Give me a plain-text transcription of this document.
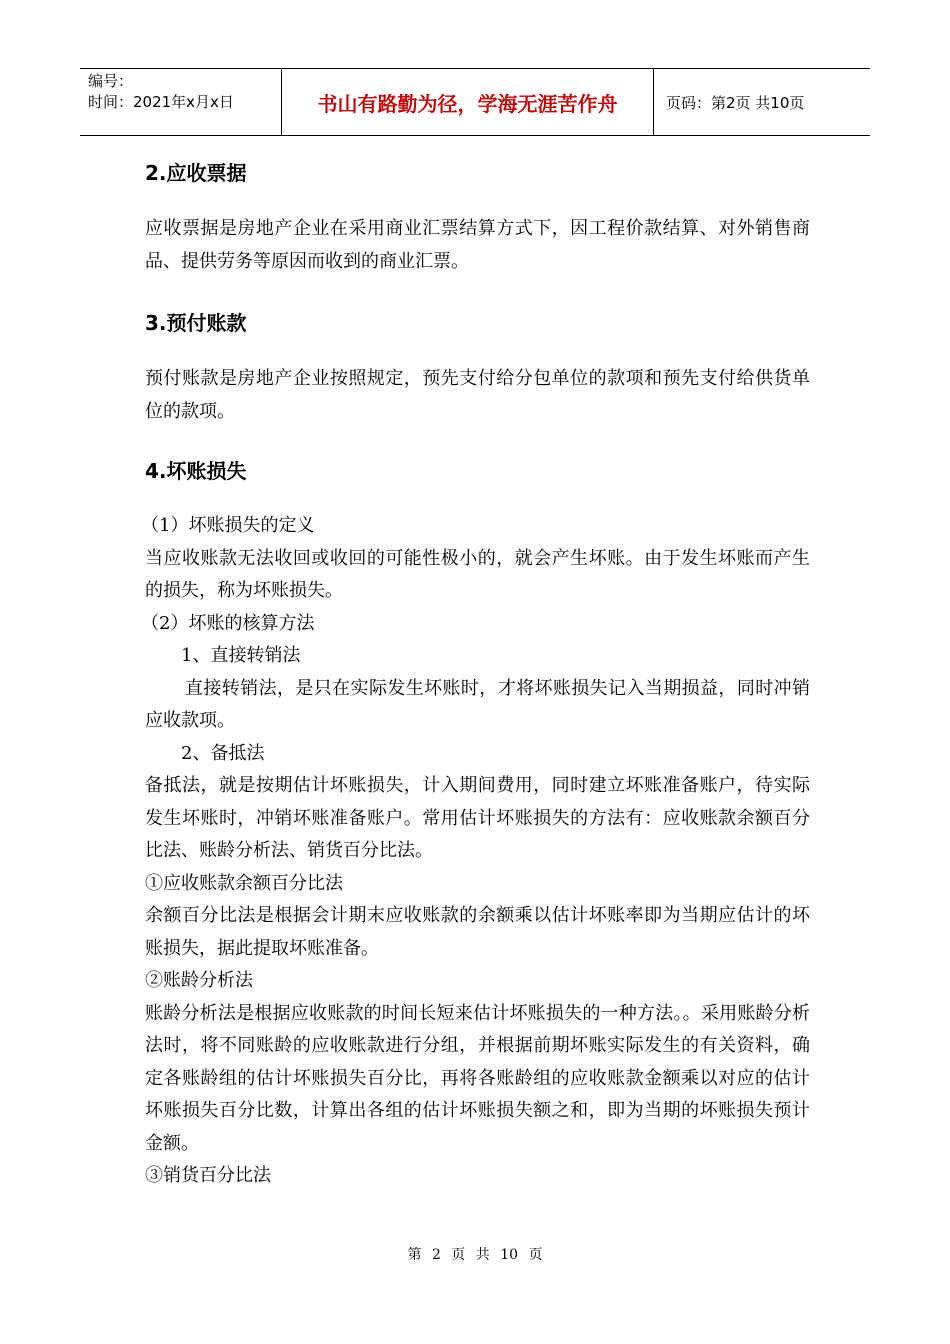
编号：
时间：2021年x月x日	书山有路勤为径，学海无涯苦作舟	页码：第2页 共10页
2.应收票据

应收票据是房地产企业在采用商业汇票结算方式下，因工程价款结算、对外销售商品、提供劳务等原因而收到的商业汇票。

3.预付账款

预付账款是房地产企业按照规定，预先支付给分包单位的款项和预先支付给供货单位的款项。

4.坏账损失

（1）坏账损失的定义

当应收账款无法收回或收回的可能性极小的，就会产生坏账。由于发生坏账而产生的损失，称为坏账损失。

（2）坏账的核算方法

1、直接转销法

直接转销法，是只在实际发生坏账时，才将坏账损失记入当期损益，同时冲销应收款项。

2、备抵法

备抵法，就是按期估计坏账损失，计入期间费用，同时建立坏账准备账户，待实际发生坏账时，冲销坏账准备账户。常用估计坏账损失的方法有：应收账款余额百分比法、账龄分析法、销货百分比法。

①应收账款余额百分比法

余额百分比法是根据会计期末应收账款的余额乘以估计坏账率即为当期应估计的坏账损失，据此提取坏账准备。

②账龄分析法

账龄分析法是根据应收账款的时间长短来估计坏账损失的一种方法。。采用账龄分析法时，将不同账龄的应收账款进行分组，并根据前期坏账实际发生的有关资料，确定各账龄组的估计坏账损失百分比，再将各账龄组的应收账款金额乘以对应的估计坏账损失百分比数，计算出各组的估计坏账损失额之和，即为当期的坏账损失预计金额。

③销货百分比法

第 2 页 共 10 页
